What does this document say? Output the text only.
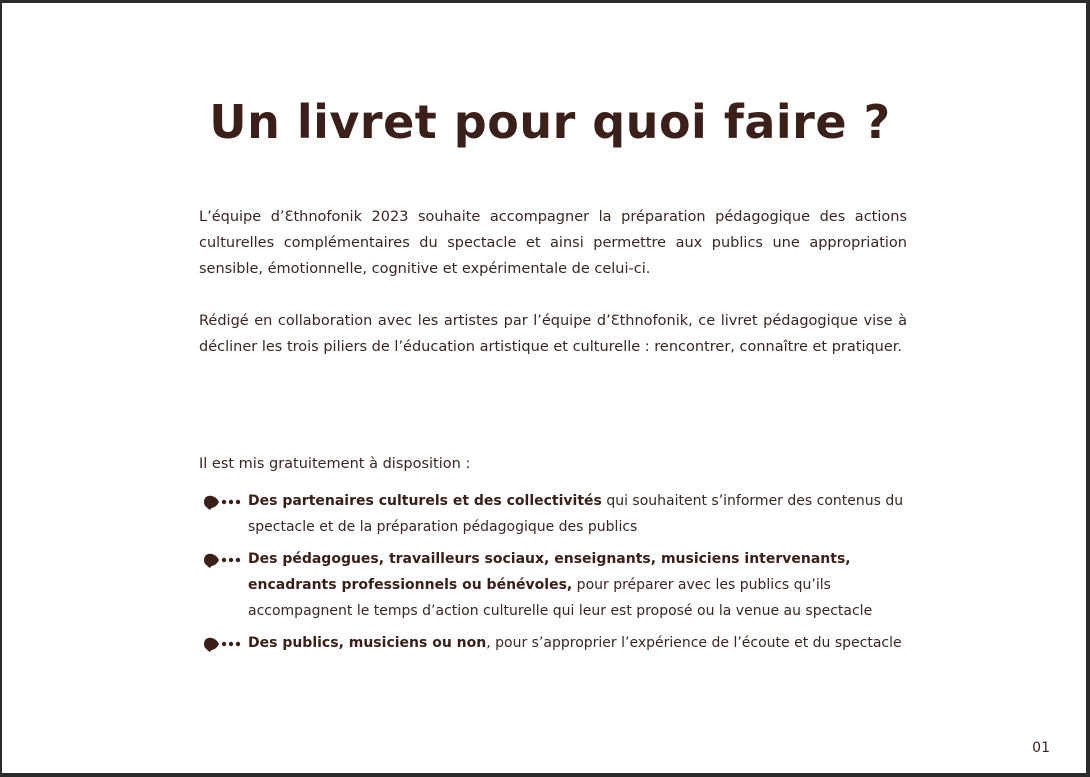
Un livret pour quoi faire ?

L’équipe d’Ɛthnofonik 2023 souhaite accompagner la préparation pédagogique des actions culturelles complémentaires du spectacle et ainsi permettre aux publics une appropriation sensible, émotionnelle, cognitive et expérimentale de celui-ci.

Rédigé en collaboration avec les artistes par l’équipe d’Ɛthnofonik, ce livret pédagogique vise à décliner les trois piliers de l’éducation artistique et culturelle : rencontrer, connaître et pratiquer.

Il est mis gratuitement à disposition :

Des partenaires culturels et des collectivités qui souhaitent s’informer des contenus du spectacle et de la préparation pédagogique des publics
Des pédagogues, travailleurs sociaux, enseignants, musiciens intervenants, encadrants professionnels ou bénévoles, pour préparer avec les publics qu’ils accompagnent le temps d’action culturelle qui leur est proposé ou la venue au spectacle
Des publics, musiciens ou non, pour s’approprier l’expérience de l’écoute et du spectacle
01
